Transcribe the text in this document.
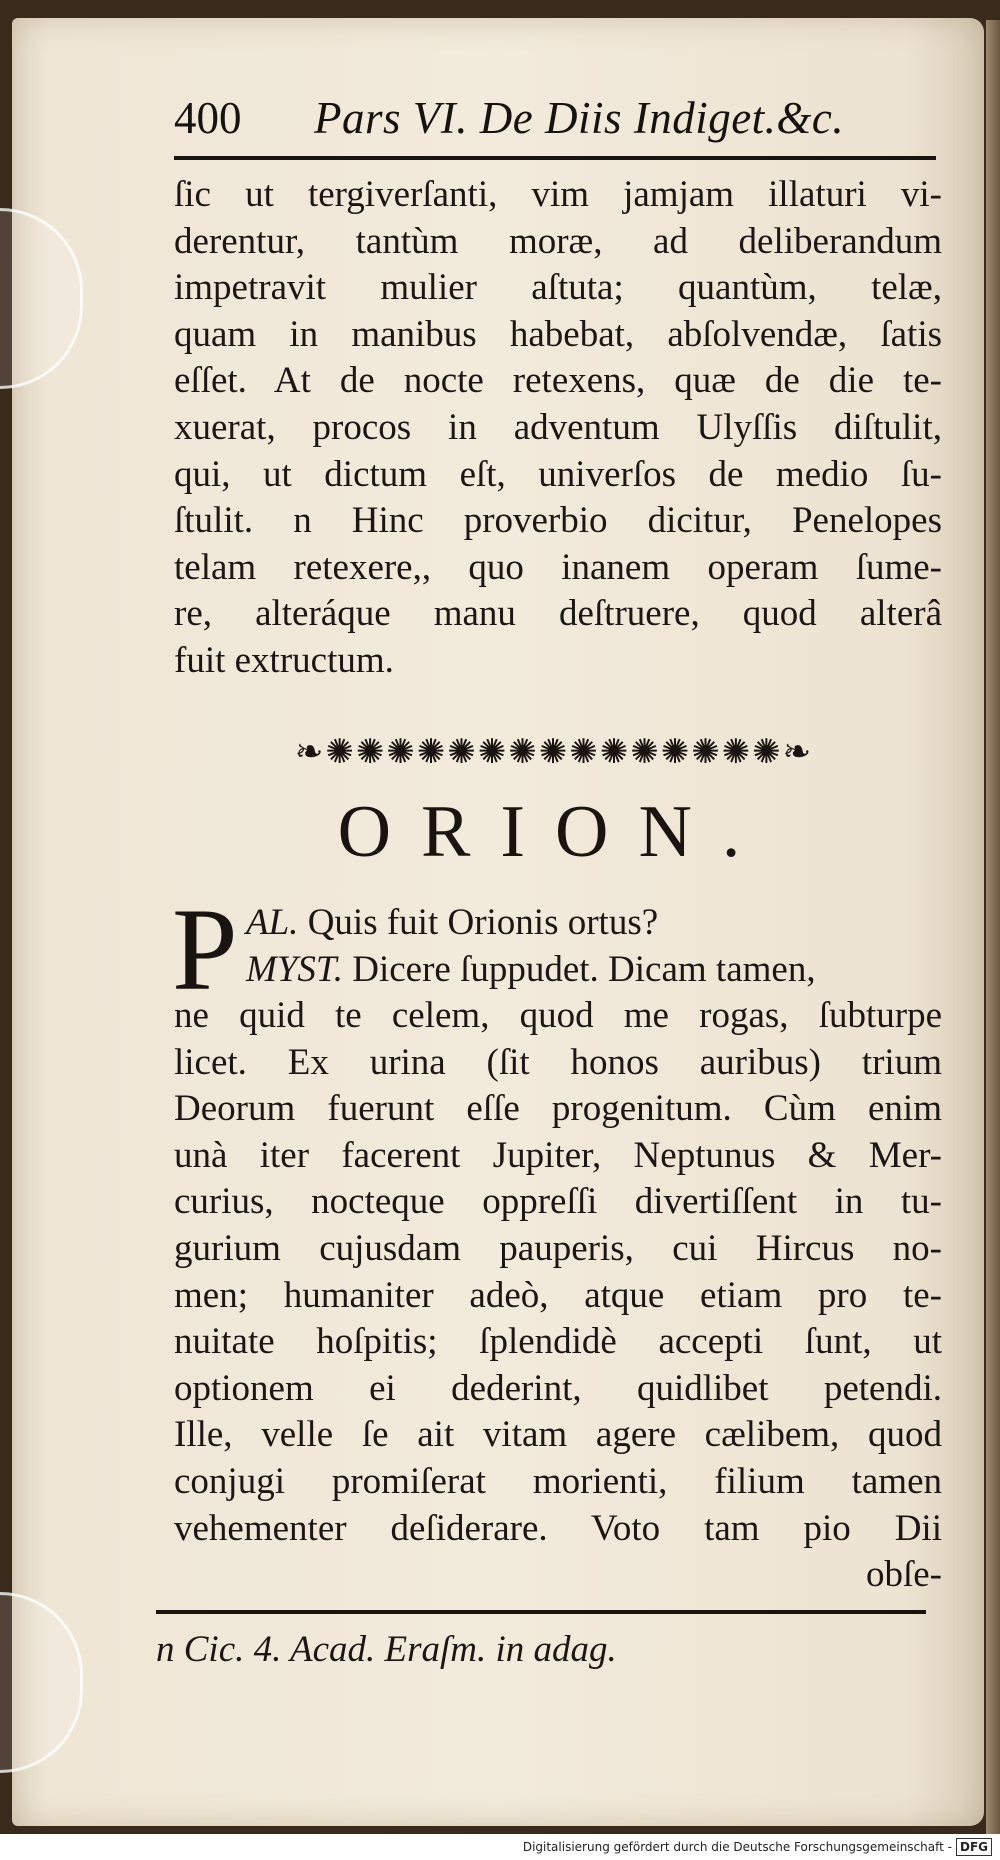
400 Pars VI. De Diis Indiget.&c.
ſic ut tergiverſanti, vim jamjam illaturi vi-
derentur, tantùm moræ, ad deliberandum
impetravit mulier aſtuta; quantùm, telæ,
quam in manibus habebat, abſolvendæ, ſatis
eſſet. At de nocte retexens, quæ de die te-
xuerat, procos in adventum Ulyſſis diſtulit,
qui, ut dictum eſt, univerſos de medio ſu-
ſtulit. n Hinc proverbio dicitur, Penelopes
telam retexere,, quo inanem operam ſume-
re, alteráque manu deſtruere, quod alterâ
fuit extructum.
❧✺✺✺✺✺✺✺✺✺✺✺✺✺✺✺❧
ORION.
P AL. Quis fuit Orionis ortus?
MYST. Dicere ſuppudet. Dicam tamen,
ne quid te celem, quod me rogas, ſubturpe
licet. Ex urina (ſit honos auribus) trium
Deorum fuerunt eſſe progenitum. Cùm enim
unà iter facerent Jupiter, Neptunus & Mer-
curius, nocteque oppreſſi divertiſſent in tu-
gurium cujusdam pauperis, cui Hircus no-
men; humaniter adeò, atque etiam pro te-
nuitate hoſpitis; ſplendidè accepti ſunt, ut
optionem ei dederint, quidlibet petendi.
Ille, velle ſe ait vitam agere cælibem, quod
conjugi promiſerat morienti, filium tamen
vehementer deſiderare. Voto tam pio Dii
obſe-
n Cic. 4. Acad. Eraſm. in adag.
Digitalisierung gefördert durch die Deutsche Forschungsgemeinschaft - DFG
